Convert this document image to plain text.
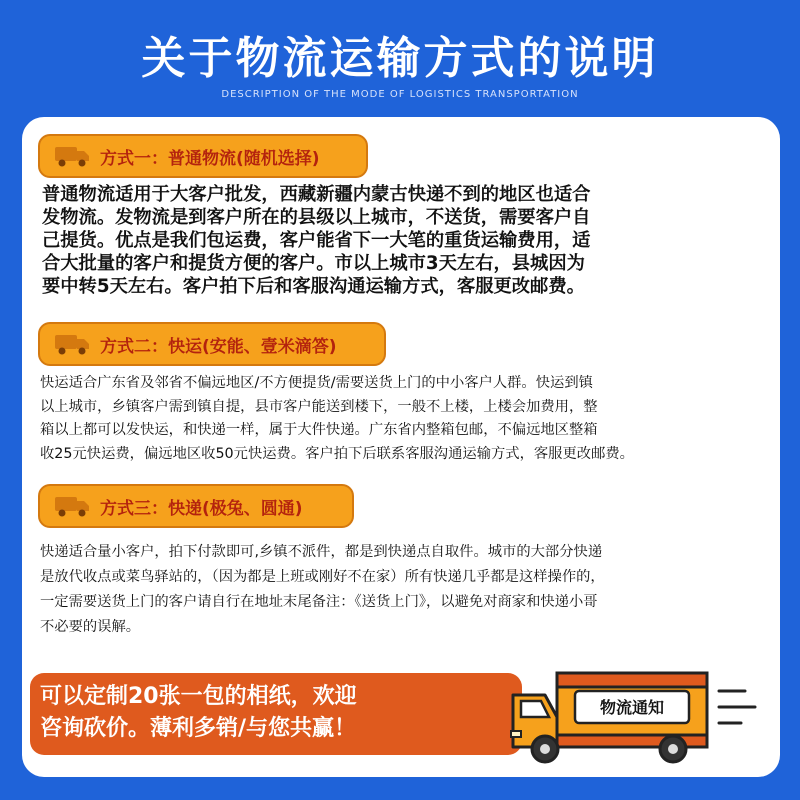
关于物流运输方式的说明
DESCRIPTION OF THE MODE OF LOGISTICS TRANSPORTATION
方式一：普通物流(随机选择)
普通物流适用于大客户批发，西藏新疆内蒙古快递不到的地区也适合
发物流。发物流是到客户所在的县级以上城市，不送货，需要客户自
己提货。优点是我们包运费，客户能省下一大笔的重货运输费用，适
合大批量的客户和提货方便的客户。市以上城市3天左右，县城因为
要中转5天左右。客户拍下后和客服沟通运输方式，客服更改邮费。
方式二：快运(安能、壹米滴答)
快运适合广东省及邻省不偏远地区/不方便提货/需要送货上门的中小客户人群。快运到镇
以上城市，乡镇客户需到镇自提，县市客户能送到楼下，一般不上楼，上楼会加费用，整
箱以上都可以发快运，和快递一样，属于大件快递。广东省内整箱包邮，不偏远地区整箱
收25元快运费，偏远地区收50元快运费。客户拍下后联系客服沟通运输方式，客服更改邮费。
方式三：快递(极兔、圆通)
快递适合量小客户，拍下付款即可,乡镇不派件，都是到快递点自取件。城市的大部分快递
是放代收点或菜鸟驿站的，（因为都是上班或刚好不在家）所有快递几乎都是这样操作的，
一定需要送货上门的客户请自行在地址末尾备注：《送货上门》，以避免对商家和快递小哥
不必要的误解。
可以定制20张一包的相纸，欢迎
咨询砍价。薄利多销/与您共赢！
物流通知
